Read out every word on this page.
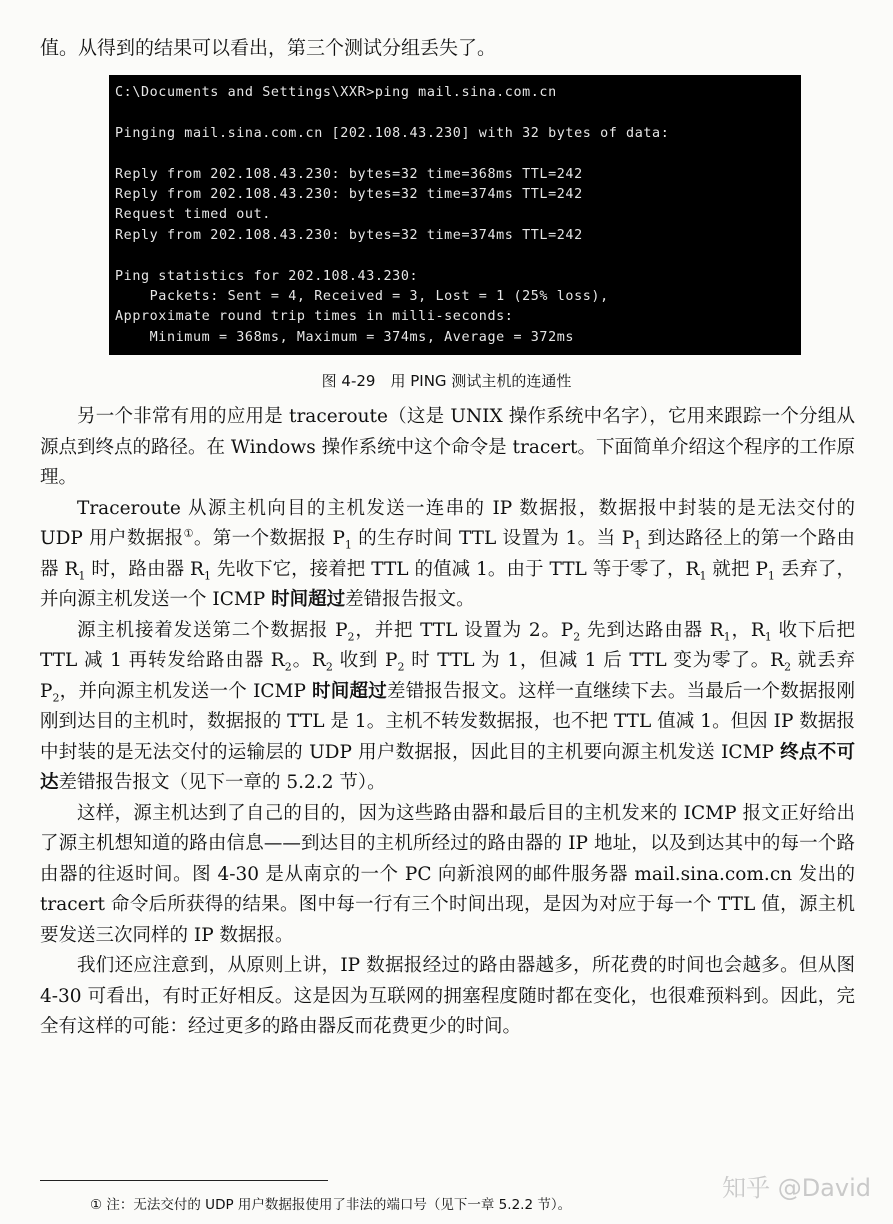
值。从得到的结果可以看出，第三个测试分组丢失了。
C:\Documents and Settings\XXR>ping mail.sina.com.cn
Pinging mail.sina.com.cn [202.108.43.230] with 32 bytes of data:
Reply from 202.108.43.230: bytes=32 time=368ms TTL=242
Reply from 202.108.43.230: bytes=32 time=374ms TTL=242
Request timed out.
Reply from 202.108.43.230: bytes=32 time=374ms TTL=242
Ping statistics for 202.108.43.230:
Packets: Sent = 4, Received = 3, Lost = 1 (25% loss),
Approximate round trip times in milli-seconds:
Minimum = 368ms, Maximum = 374ms, Average = 372ms
图 4-29　用 PING 测试主机的连通性

另一个非常有用的应用是 traceroute（这是 UNIX 操作系统中名字），它用来跟踪一个分组从源点到终点的路径。在 Windows 操作系统中这个命令是 tracert。下面简单介绍这个程序的工作原理。

Traceroute 从源主机向目的主机发送一连串的 IP 数据报，数据报中封装的是无法交付的 UDP 用户数据报①。第一个数据报 $P_1$ 的生存时间 TTL 设置为 1。当 $P_1$ 到达路径上的第一个路由器 $R_1$ 时，路由器 $R_1$ 先收下它，接着把 TTL 的值减 1。由于 TTL 等于零了，$R_1$ 就把 $P_1$ 丢弃了，并向源主机发送一个 ICMP 时间超过差错报告报文。

源主机接着发送第二个数据报 $P_2$，并把 TTL 设置为 2。$P_2$ 先到达路由器 $R_1$，$R_1$ 收下后把 TTL 减 1 再转发给路由器 $R_2$。$R_2$ 收到 $P_2$ 时 TTL 为 1，但减 1 后 TTL 变为零了。$R_2$ 就丢弃 $P_2$，并向源主机发送一个 ICMP 时间超过差错报告报文。这样一直继续下去。当最后一个数据报刚刚到达目的主机时，数据报的 TTL 是 1。主机不转发数据报，也不把 TTL 值减 1。但因 IP 数据报中封装的是无法交付的运输层的 UDP 用户数据报，因此目的主机要向源主机发送 ICMP 终点不可达差错报告报文（见下一章的 5.2.2 节）。

这样，源主机达到了自己的目的，因为这些路由器和最后目的主机发来的 ICMP 报文正好给出了源主机想知道的路由信息——到达目的主机所经过的路由器的 IP 地址，以及到达其中的每一个路由器的往返时间。图 4-30 是从南京的一个 PC 向新浪网的邮件服务器 mail.sina.com.cn 发出的 tracert 命令后所获得的结果。图中每一行有三个时间出现，是因为对应于每一个 TTL 值，源主机要发送三次同样的 IP 数据报。

我们还应注意到，从原则上讲，IP 数据报经过的路由器越多，所花费的时间也会越多。但从图 4-30 可看出，有时正好相反。这是因为互联网的拥塞程度随时都在变化，也很难预料到。因此，完全有这样的可能：经过更多的路由器反而花费更少的时间。

① 注：无法交付的 UDP 用户数据报使用了非法的端口号（见下一章 5.2.2 节）。
知乎 @David
